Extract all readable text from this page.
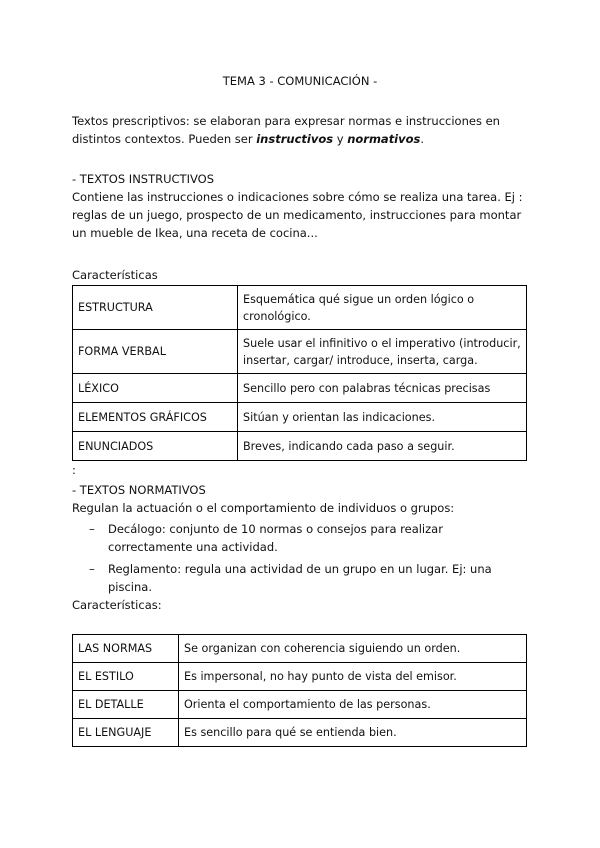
TEMA 3 - COMUNICACIÓN -
Textos prescriptivos: se elaboran para expresar normas e instrucciones en distintos contextos. Pueden ser instructivos y normativos.
- TEXTOS INSTRUCTIVOS
Contiene las instrucciones o indicaciones sobre cómo se realiza una tarea. Ej : reglas de un juego, prospecto de un medicamento, instrucciones para montar un mueble de Ikea, una receta de cocina...
Características
ESTRUCTURA	Esquemática qué sigue un orden lógico o cronológico.
FORMA VERBAL	Suele usar el infinitivo o el imperativo (introducir, insertar, cargar/ introduce, inserta, carga.
LÉXICO	Sencillo pero con palabras técnicas precisas
ELEMENTOS GRÁFICOS	Sitúan y orientan las indicaciones.
ENUNCIADOS	Breves, indicando cada paso a seguir.
:
- TEXTOS NORMATIVOS
Regulan la actuación o el comportamiento de individuos o grupos:
– Decálogo: conjunto de 10 normas o consejos para realizar correctamente una actividad.
– Reglamento: regula una actividad de un grupo en un lugar. Ej: una piscina.
Características:
LAS NORMAS	Se organizan con coherencia siguiendo un orden.
EL ESTILO	Es impersonal, no hay punto de vista del emisor.
EL DETALLE	Orienta el comportamiento de las personas.
EL LENGUAJE	Es sencillo para qué se entienda bien.
